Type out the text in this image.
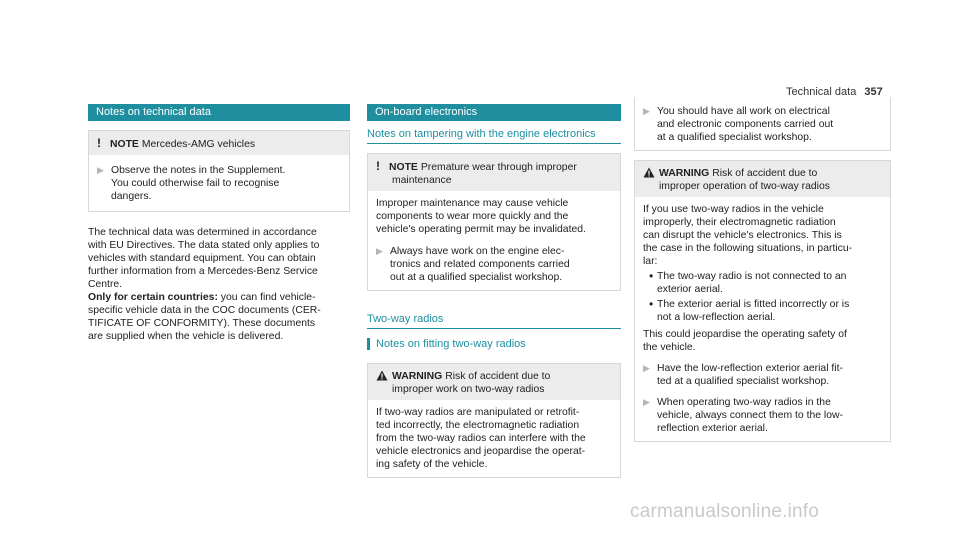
Technical data 357
Notes on technical data
! NOTE Mercedes-AMG vehicles
▶ Observe the notes in the Supplement.
You could otherwise fail to recognise
dangers.
The technical data was determined in accordance
with EU Directives. The data stated only applies to
vehicles with standard equipment. You can obtain
further information from a Mercedes-Benz Service
Centre.
Only for certain countries: you can find vehicle-
specific vehicle data in the COC documents (CER-
TIFICATE OF CONFORMITY). These documents
are supplied when the vehicle is delivered.
On-board electronics
Notes on tampering with the engine electronics
! NOTE Premature wear through improper
maintenance
Improper maintenance may cause vehicle
components to wear more quickly and the
vehicle's operating permit may be invalidated.
▶ Always have work on the engine elec-
tronics and related components carried
out at a qualified specialist workshop.
Two-way radios
Notes on fitting two-way radios
WARNING Risk of accident due to
improper work on two-way radios
If two-way radios are manipulated or retrofit-
ted incorrectly, the electromagnetic radiation
from the two-way radios can interfere with the
vehicle electronics and jeopardise the operat-
ing safety of the vehicle.
▶ You should have all work on electrical
and electronic components carried out
at a qualified specialist workshop.
WARNING Risk of accident due to
improper operation of two-way radios
If you use two-way radios in the vehicle
improperly, their electromagnetic radiation
can disrupt the vehicle's electronics. This is
the case in the following situations, in particu-
lar:
• The two-way radio is not connected to an
exterior aerial.
• The exterior aerial is fitted incorrectly or is
not a low-reflection aerial.
This could jeopardise the operating safety of
the vehicle.
▶ Have the low-reflection exterior aerial fit-
ted at a qualified specialist workshop.
▶ When operating two-way radios in the
vehicle, always connect them to the low-
reflection exterior aerial.
carmanualsonline.info
